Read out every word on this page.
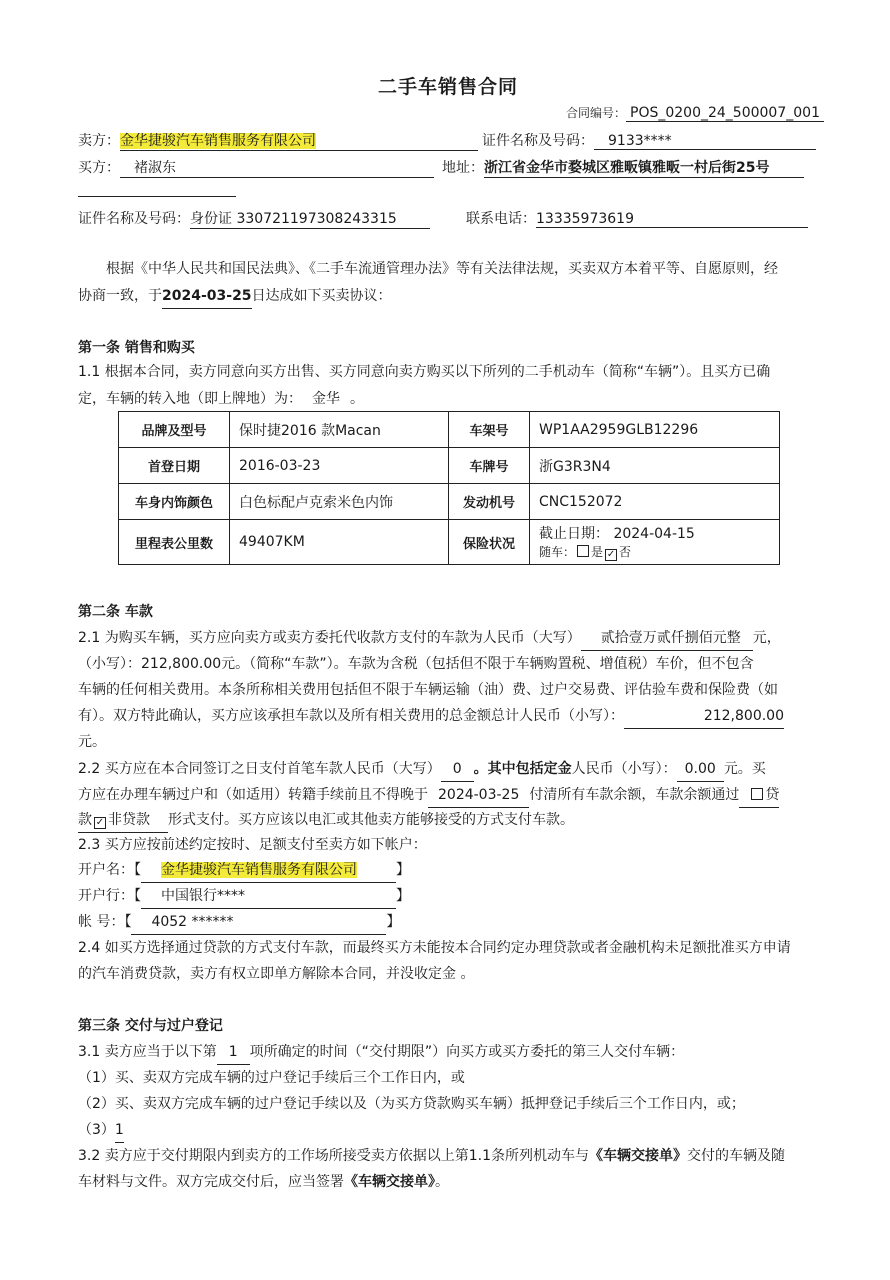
二手车销售合同
合同编号： POS_0200_24_500007_001
卖方：金华捷骏汽车销售服务有限公司	证件名称及号码： 9133****
买方： 褚淑东	地址：浙江省金华市婺城区雅畈镇雅畈一村后街25号
证件名称及号码：身份证 330721197308243315	联系电话：13335973619
根据《中华人民共和国民法典》、《二手车流通管理办法》等有关法律法规，买卖双方本着平等、自愿原则，经
协商一致，于2024-03-25日达成如下买卖协议：
第一条 销售和购买
1.1 根据本合同，卖方同意向买方出售、买方同意向卖方购买以下所列的二手机动车（简称“车辆”）。且买方已确
定，车辆的转入地（即上牌地）为： 金华 。
品牌及型号	保时捷2016 款Macan	车架号	WP1AA2959GLB12296
首登日期	2016-03-23	车牌号	浙G3R3N4
车身内饰颜色	白色标配卢克索米色内饰	发动机号	CNC152072
里程表公里数	49407KM	保险状况	截止日期： 2024-04-15
随车： 是 ✓ 否
第二条 车款
2.1 为购买车辆，买方应向卖方或卖方委托代收款方支付的车款为人民币（大写） 贰拾壹万贰仟捌佰元整 元，
（小写）：212,800.00元。（简称“车款”）。车款为含税（包括但不限于车辆购置税、增值税）车价，但不包含
车辆的任何相关费用。本条所称相关费用包括但不限于车辆运输（油）费、过户交易费、评估验车费和保险费（如
有）。双方特此确认，买方应该承担车款以及所有相关费用的总金额总计人民币（小写）：	212,800.00
元。
2.2 买方应在本合同签订之日支付首笔车款人民币（大写） 0 。其中包括定金人民币（小写）： 0.00 元。买
方应在办理车辆过户和（如适用）转籍手续前且不得晚于 2024-03-25 付清所有车款余额，车款余额通过 贷
款 ✓ 非贷款 形式支付。买方应该以电汇或其他卖方能够接受的方式支付车款。
2.3 买方应按前述约定按时、足额支付至卖方如下帐户：
开户名：【 金华捷骏汽车销售服务有限公司	】
开户行：【 中国银行****	】
帐 号：【 4052 ******	】
2.4 如买方选择通过贷款的方式支付车款，而最终买方未能按本合同约定办理贷款或者金融机构未足额批准买方申请
的汽车消费贷款，卖方有权立即单方解除本合同，并没收定金 。
第三条 交付与过户登记
3.1 卖方应当于以下第 1 项所确定的时间（“交付期限”）向买方或买方委托的第三人交付车辆：
（1）买、卖双方完成车辆的过户登记手续后三个工作日内，或
（2）买、卖双方完成车辆的过户登记手续以及（为买方贷款购买车辆）抵押登记手续后三个工作日内，或；
（3）1
3.2 卖方应于交付期限内到卖方的工作场所接受卖方依据以上第1.1条所列机动车与《车辆交接单》交付的车辆及随
车材料与文件。双方完成交付后，应当签署《车辆交接单》。
